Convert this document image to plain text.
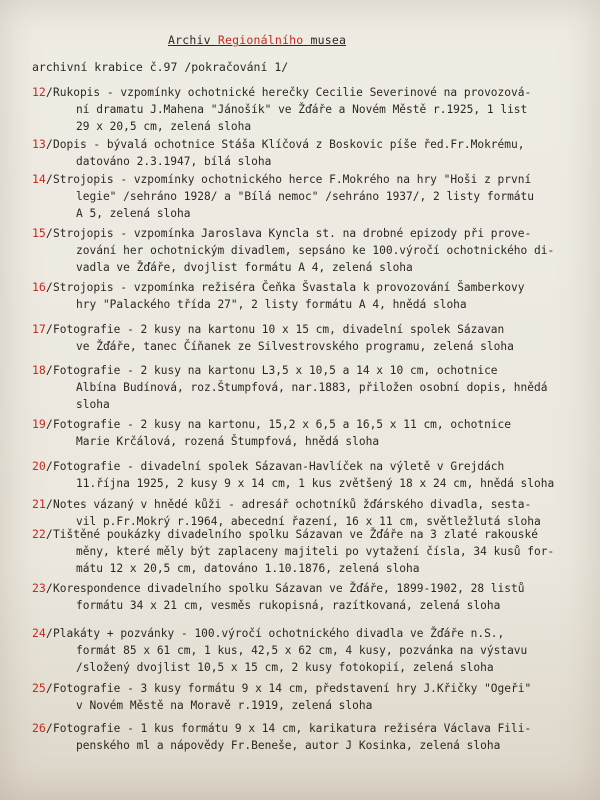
Archiv Regionálního musea
archivní krabice č.97 /pokračování 1/
12/ Rukopis - vzpomínky ochotnické herečky Cecilie Severinové na provozová-
ní dramatu J.Mahena "Jánošík" ve Žďáře a Novém Městě r.1925, 1 list
29 x 20,5 cm, zelená sloha
13/ Dopis - bývalá ochotnice Stáša Klíčová z Boskovic píše řed.Fr.Mokrému,
datováno 2.3.1947, bílá sloha
14/ Strojopis - vzpomínky ochotnického herce F.Mokrého na hry "Hoši z první
legie" /sehráno 1928/ a "Bílá nemoc" /sehráno 1937/, 2 listy formátu
A 5, zelená sloha
15/ Strojopis - vzpomínka Jaroslava Kyncla st. na drobné epizody při prove-
zování her ochotnickým divadlem, sepsáno ke 100.výročí ochotnického di-
vadla ve Žďáře, dvojlist formátu A 4, zelená sloha
16/ Strojopis - vzpomínka režiséra Čeňka Švastala k provozování Šamberkovy
hry "Palackého třída 27", 2 listy formátu A 4, hnědá sloha
17/ Fotografie - 2 kusy na kartonu 10 x 15 cm, divadelní spolek Sázavan
ve Žďáře, tanec Číňanek ze Silvestrovského programu, zelená sloha
18/ Fotografie - 2 kusy na kartonu L3,5 x 10,5 a 14 x 10 cm, ochotnice
Albína Budínová, roz.Štumpfová, nar.1883, přiložen osobní dopis, hnědá
sloha
19/ Fotografie - 2 kusy na kartonu, 15,2 x 6,5 a 16,5 x 11 cm, ochotnice
Marie Krčálová, rozená Štumpfová, hnědá sloha
20/ Fotografie - divadelní spolek Sázavan-Havlíček na výletě v Grejdách
11.října 1925, 2 kusy 9 x 14 cm, 1 kus zvětšený 18 x 24 cm, hnědá sloha
21/ Notes vázaný v hnědé kůži - adresář ochotníků žďárského divadla, sesta-
vil p.Fr.Mokrý r.1964, abecední řazení, 16 x 11 cm, světležlutá sloha
22/ Tištěné poukázky divadelního spolku Sázavan ve Žďáře na 3 zlaté rakouské
měny, které měly být zaplaceny majiteli po vytažení čísla, 34 kusů for-
mátu 12 x 20,5 cm, datováno 1.10.1876, zelená sloha
23/ Korespondence divadelního spolku Sázavan ve Žďáře, 1899-1902, 28 listů
formátu 34 x 21 cm, vesměs rukopisná, razítkovaná, zelená sloha
24/ Plakáty + pozvánky - 100.výročí ochotnického divadla ve Žďáře n.S.,
formát 85 x 61 cm, 1 kus, 42,5 x 62 cm, 4 kusy, pozvánka na výstavu
/složený dvojlist 10,5 x 15 cm, 2 kusy fotokopií, zelená sloha
25/ Fotografie - 3 kusy formátu 9 x 14 cm, představení hry J.Křičky "Ogeři"
v Novém Městě na Moravě r.1919, zelená sloha
26/ Fotografie - 1 kus formátu 9 x 14 cm, karikatura režiséra Václava Fili-
penského ml a nápovědy Fr.Beneše, autor J Kosinka, zelená sloha
